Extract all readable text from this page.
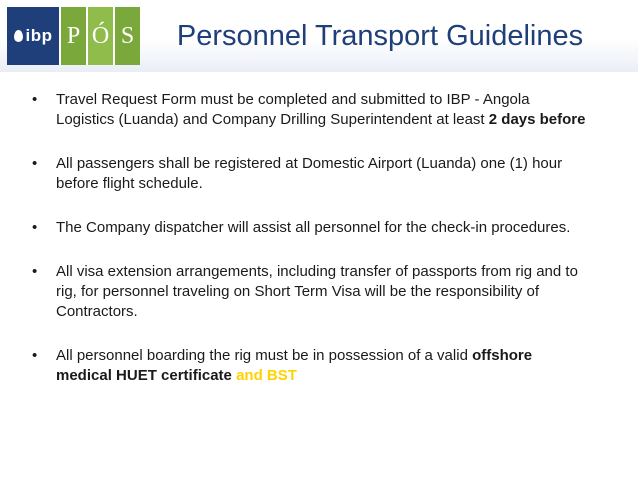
ibp P Ó S	Personnel Transport Guidelines
• Travel Request Form must be completed and submitted to IBP - Angola Logistics (Luanda) and Company Drilling Superintendent at least 2 days before
• All passengers shall be registered at Domestic Airport (Luanda) one (1) hour before flight schedule.
• The Company dispatcher will assist all personnel for the check-in procedures.
• All visa extension arrangements, including transfer of passports from rig and to rig, for personnel traveling on Short Term Visa will be the responsibility of Contractors.
• All personnel boarding the rig must be in possession of a valid offshore medical HUET certificate and BST
